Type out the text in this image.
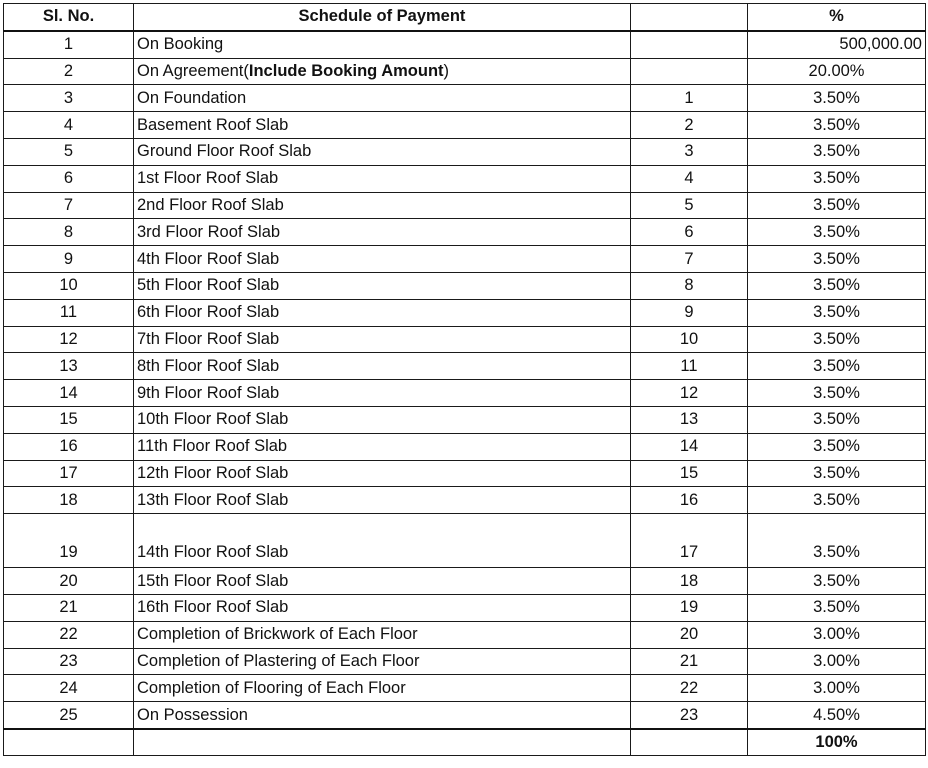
Sl. No.	Schedule of Payment		%
1	On Booking		500,000.00
2	On Agreement(Include Booking Amount)		20.00%
3	On Foundation	1	3.50%
4	Basement Roof Slab	2	3.50%
5	Ground Floor Roof Slab	3	3.50%
6	1st Floor Roof Slab	4	3.50%
7	2nd Floor Roof Slab	5	3.50%
8	3rd Floor Roof Slab	6	3.50%
9	4th Floor Roof Slab	7	3.50%
10	5th Floor Roof Slab	8	3.50%
11	6th Floor Roof Slab	9	3.50%
12	7th Floor Roof Slab	10	3.50%
13	8th Floor Roof Slab	11	3.50%
14	9th Floor Roof Slab	12	3.50%
15	10th Floor Roof Slab	13	3.50%
16	11th Floor Roof Slab	14	3.50%
17	12th Floor Roof Slab	15	3.50%
18	13th Floor Roof Slab	16	3.50%
19	14th Floor Roof Slab	17	3.50%
20	15th Floor Roof Slab	18	3.50%
21	16th Floor Roof Slab	19	3.50%
22	Completion of Brickwork of Each Floor	20	3.00%
23	Completion of Plastering of Each Floor	21	3.00%
24	Completion of Flooring of Each Floor	22	3.00%
25	On Possession	23	4.50%
			100%
